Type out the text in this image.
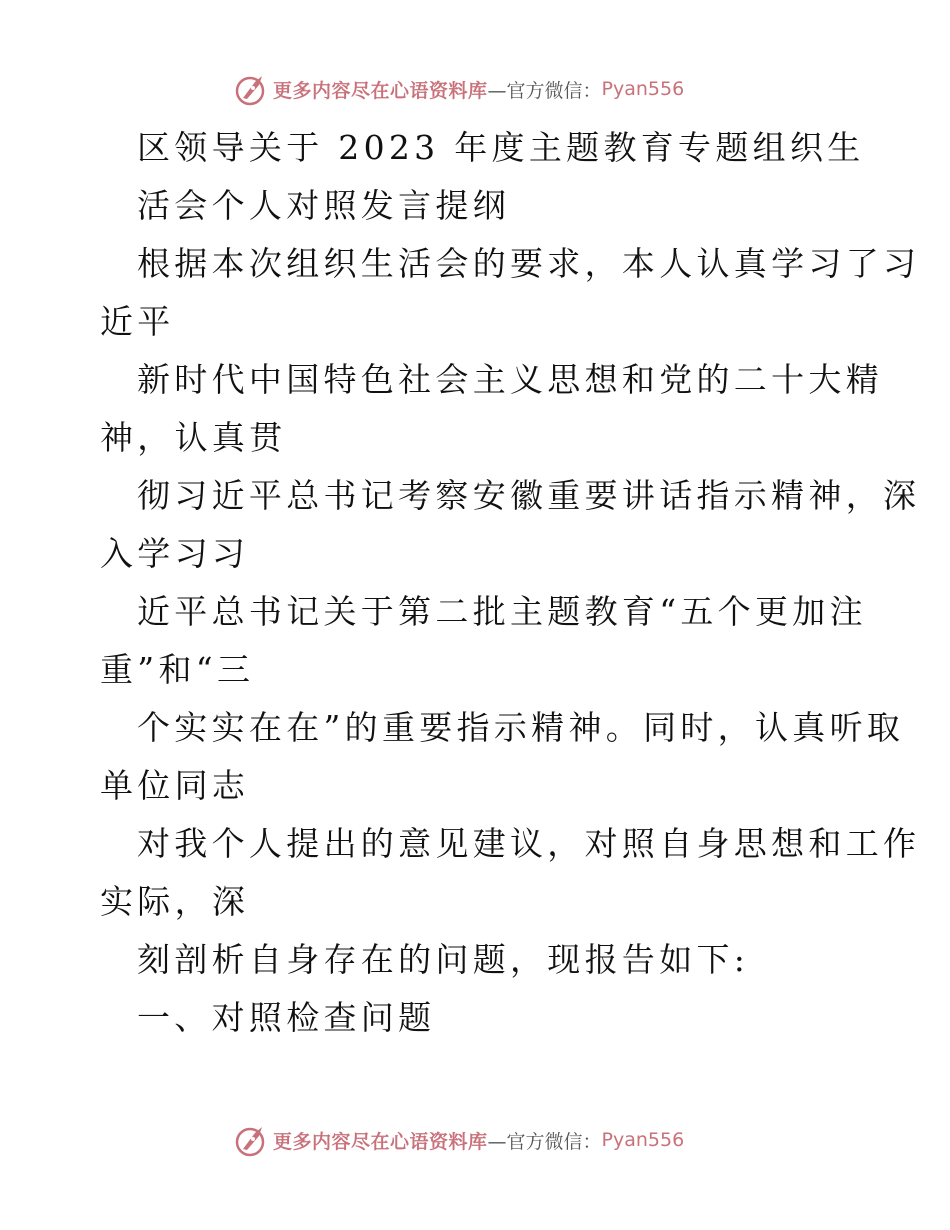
更多内容尽在心语资料库 —官方微信： Pyan556
区领导关于 2023 年度主题教育专题组织生
活会个人对照发言提纲
根据本次组织生活会的要求，本人认真学习了习
近平
新时代中国特色社会主义思想和党的二十大精
神，认真贯
彻习近平总书记考察安徽重要讲话指示精神，深
入学习习
近平总书记关于第二批主题教育“五个更加注
重”和“三
个实实在在”的重要指示精神。同时，认真听取
单位同志
对我个人提出的意见建议，对照自身思想和工作
实际，深
刻剖析自身存在的问题，现报告如下:
一、对照检查问题
更多内容尽在心语资料库 —官方微信： Pyan556
